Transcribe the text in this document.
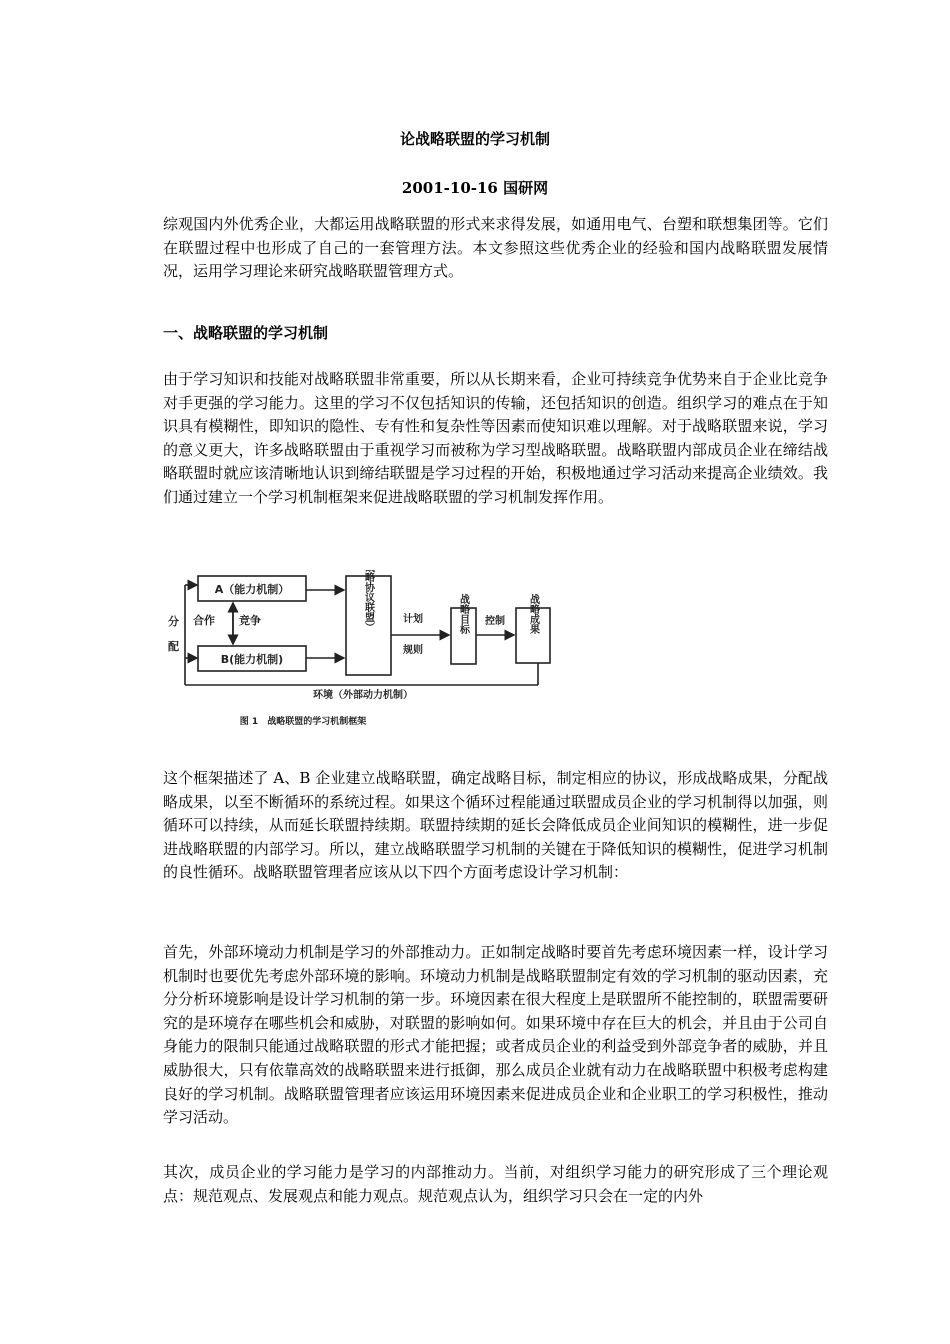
论战略联盟的学习机制
2001-10-16 国研网

综观国内外优秀企业，大都运用战略联盟的形式来求得发展，如通用电气、台塑和联想集团等。它们在联盟过程中也形成了自己的一套管理方法。本文参照这些优秀企业的经验和国内战略联盟发展情况，运用学习理论来研究战略联盟管理方式。

一、战略联盟的学习机制

由于学习知识和技能对战略联盟非常重要，所以从长期来看，企业可持续竞争优势来自于企业比竞争对手更强的学习能力。这里的学习不仅包括知识的传输，还包括知识的创造。组织学习的难点在于知识具有模糊性，即知识的隐性、专有性和复杂性等因素而使知识难以理解。对于战略联盟来说，学习的意义更大，许多战略联盟由于重视学习而被称为学习型战略联盟。战略联盟内部成员企业在缔结战略联盟时就应该清晰地认识到缔结联盟是学习过程的开始，积极地通过学习活动来提高企业绩效。我们通过建立一个学习机制框架来促进战略联盟的学习机制发挥作用。

分
配
A（能力机制）
B(能力机制)
合作 竞争	（战略协议联盟）	计划
规则
战略目标 控制 战略成果
环境（外部动力机制）
图 1　战略联盟的学习机制框架

这个框架描述了 A、B 企业建立战略联盟，确定战略目标，制定相应的协议，形成战略成果，分配战略成果，以至不断循环的系统过程。如果这个循环过程能通过联盟成员企业的学习机制得以加强，则循环可以持续，从而延长联盟持续期。联盟持续期的延长会降低成员企业间知识的模糊性，进一步促进战略联盟的内部学习。所以，建立战略联盟学习机制的关键在于降低知识的模糊性，促进学习机制的良性循环。战略联盟管理者应该从以下四个方面考虑设计学习机制：

首先，外部环境动力机制是学习的外部推动力。正如制定战略时要首先考虑环境因素一样，设计学习机制时也要优先考虑外部环境的影响。环境动力机制是战略联盟制定有效的学习机制的驱动因素，充分分析环境影响是设计学习机制的第一步。环境因素在很大程度上是联盟所不能控制的，联盟需要研究的是环境存在哪些机会和威胁，对联盟的影响如何。如果环境中存在巨大的机会，并且由于公司自身能力的限制只能通过战略联盟的形式才能把握；或者成员企业的利益受到外部竞争者的威胁，并且威胁很大，只有依靠高效的战略联盟来进行抵御，那么成员企业就有动力在战略联盟中积极考虑构建良好的学习机制。战略联盟管理者应该运用环境因素来促进成员企业和企业职工的学习积极性，推动学习活动。

其次，成员企业的学习能力是学习的内部推动力。当前，对组织学习能力的研究形成了三个理论观点：规范观点、发展观点和能力观点。规范观点认为，组织学习只会在一定的内外
